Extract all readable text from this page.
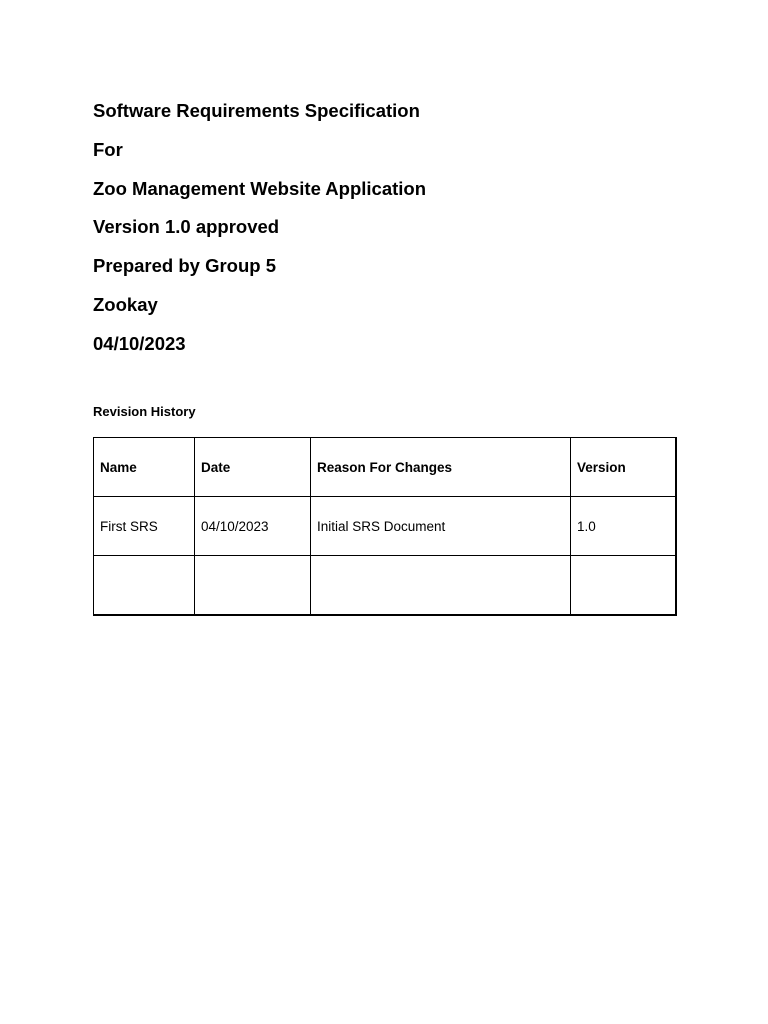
Software Requirements Specification
For
Zoo Management Website Application
Version 1.0 approved
Prepared by Group 5
Zookay
04/10/2023
Revision History
Name	Date	Reason For Changes	Version
First SRS	04/10/2023	Initial SRS Document	1.0
